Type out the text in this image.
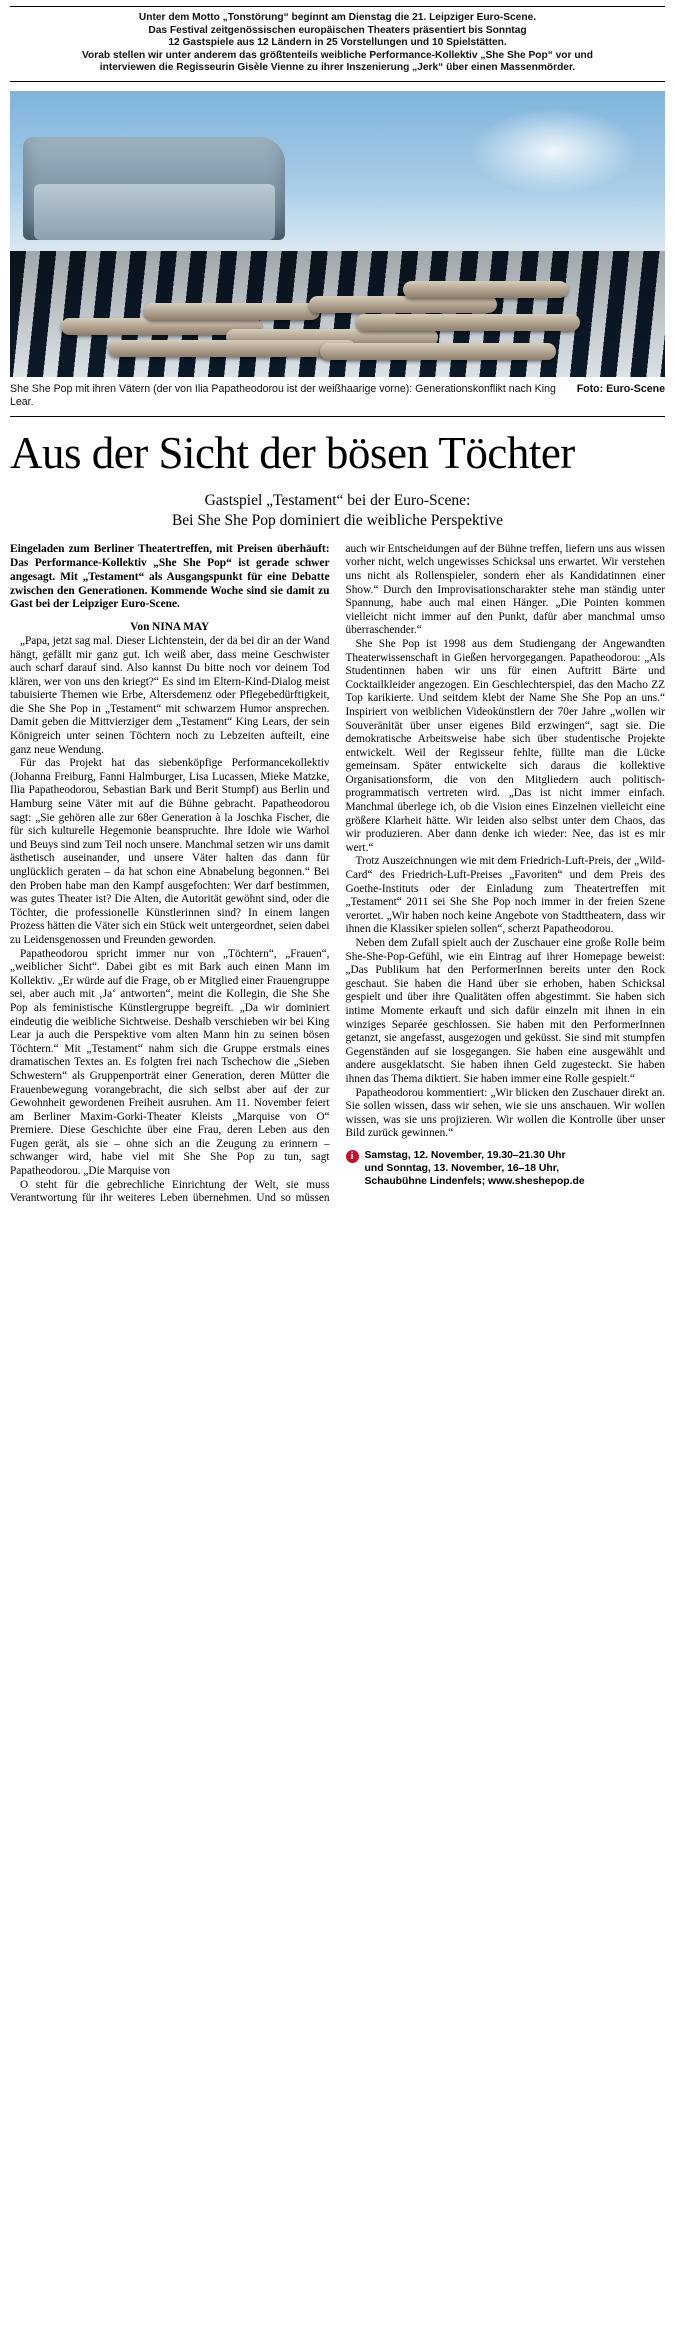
Unter dem Motto „Tonstörung“ beginnt am Dienstag die 21. Leipziger Euro-Scene.

Das Festival zeitgenössischen europäischen Theaters präsentiert bis Sonntag

12 Gastspiele aus 12 Ländern in 25 Vorstellungen und 10 Spielstätten.

Vorab stellen wir unter anderem das größtenteils weibliche Performance-Kollektiv „She She Pop“ vor und

interviewen die Regisseurin Gisèle Vienne zu ihrer Inszenierung „Jerk“ über einen Massenmörder.

Foto: Euro-Scene
She She Pop mit ihren Vätern (der von Ilia Papatheodorou ist der weißhaarige vorne): Generationskonflikt nach King Lear.
Aus der Sicht der bösen Töchter
Gastspiel „Testament“ bei der Euro-Scene:
Bei She She Pop dominiert die weibliche Perspektive

Eingeladen zum Berliner Theatertreffen, mit Preisen überhäuft: Das Performance-Kollektiv „She She Pop“ ist gerade schwer angesagt. Mit „Testament“ als Ausgangspunkt für eine Debatte zwischen den Generationen. Kommende Woche sind sie damit zu Gast bei der Leipziger Euro-Scene.

Von NINA MAY

„Papa, jetzt sag mal. Dieser Lichtenstein, der da bei dir an der Wand hängt, gefällt mir ganz gut. Ich weiß aber, dass meine Geschwister auch scharf darauf sind. Also kannst Du bitte noch vor deinem Tod klären, wer von uns den kriegt?“ Es sind im Eltern-Kind-Dialog meist tabuisierte Themen wie Erbe, Altersdemenz oder Pflegebedürftigkeit, die She She Pop in „Testament“ mit schwarzem Humor ansprechen. Damit geben die Mittvierziger dem „Testament“ King Lears, der sein Königreich unter seinen Töchtern noch zu Lebzeiten aufteilt, eine ganz neue Wendung.

Für das Projekt hat das siebenköpfige Performancekollektiv (Johanna Freiburg, Fanni Halmburger, Lisa Lucassen, Mieke Matzke, Ilia Papatheodorou, Sebastian Bark und Berit Stumpf) aus Berlin und Hamburg seine Väter mit auf die Bühne gebracht. Papatheodorou sagt: „Sie gehören alle zur 68er Generation à la Joschka Fischer, die für sich kulturelle Hegemonie beanspruchte. Ihre Idole wie Warhol und Beuys sind zum Teil noch unsere. Manchmal setzen wir uns damit ästhetisch auseinander, und unsere Väter halten das dann für unglücklich geraten – da hat schon eine Abnabelung begonnen.“ Bei den Proben habe man den Kampf ausgefochten: Wer darf bestimmen, was gutes Theater ist? Die Alten, die Autorität gewöhnt sind, oder die Töchter, die professionelle Künstlerinnen sind? In einem langen Prozess hätten die Väter sich ein Stück weit untergeordnet, seien dabei zu Leidensgenossen und Freunden geworden.

Papatheodorou spricht immer nur von „Töchtern“, „Frauen“, „weiblicher Sicht“. Dabei gibt es mit Bark auch einen Mann im Kollektiv. „Er würde auf die Frage, ob er Mitglied einer Frauengruppe sei, aber auch mit ‚Ja‘ antworten“, meint die Kollegin, die She She Pop als feministische Künstlergruppe begreift. „Da wir dominiert eindeutig die weibliche Sichtweise. Deshalb verschieben wir bei King Lear ja auch die Perspektive vom alten Mann hin zu seinen bösen Töchtern.“ Mit „Testament“ nahm sich die Gruppe erstmals eines dramatischen Textes an. Es folgten frei nach Tschechow die „Sieben Schwestern“ als Gruppenporträt einer Generation, deren Mütter die Frauenbewegung vorangebracht, die sich selbst aber auf der zur Gewohnheit gewordenen Freiheit ausruhen. Am 11. November feiert am Berliner Maxim-Gorki-Theater Kleists „Marquise von O“ Premiere. Diese Geschichte über eine Frau, deren Leben aus den Fugen gerät, als sie – ohne sich an die Zeugung zu erinnern – schwanger wird, habe viel mit She She Pop zu tun, sagt Papatheodorou. „Die Marquise von

O steht für die gebrechliche Einrichtung der Welt, sie muss Verantwortung für ihr weiteres Leben übernehmen. Und so müssen auch wir Entscheidungen auf der Bühne treffen, liefern uns aus wissen vorher nicht, welch ungewisses Schicksal uns erwartet. Wir verstehen uns nicht als Rollenspieler, sondern eher als Kandidatinnen einer Show.“ Durch den Improvisationscharakter stehe man ständig unter Spannung, habe auch mal einen Hänger. „Die Pointen kommen vielleicht nicht immer auf den Punkt, dafür aber manchmal umso überraschender.“

She She Pop ist 1998 aus dem Studiengang der Angewandten Theaterwissenschaft in Gießen hervorgegangen. Papatheodorou: „Als Studentinnen haben wir uns für einen Auftritt Bärte und Cocktailkleider angezogen. Ein Geschlechterspiel, das den Macho ZZ Top karikierte. Und seitdem klebt der Name She She Pop an uns.“ Inspiriert von weiblichen Videokünstlern der 70er Jahre „wollen wir Souveränität über unser eigenes Bild erzwingen“, sagt sie. Die demokratische Arbeitsweise habe sich über studentische Projekte entwickelt. Weil der Regisseur fehlte, füllte man die Lücke gemeinsam. Später entwickelte sich daraus die kollektive Organisationsform, die von den Mitgliedern auch politisch-programmatisch vertreten wird. „Das ist nicht immer einfach. Manchmal überlege ich, ob die Vision eines Einzelnen vielleicht eine größere Klarheit hätte. Wir leiden also selbst unter dem Chaos, das wir produzieren. Aber dann denke ich wieder: Nee, das ist es mir wert.“

Trotz Auszeichnungen wie mit dem Friedrich-Luft-Preis, der „Wild-Card“ des Friedrich-Luft-Preises „Favoriten“ und dem Preis des Goethe-Instituts oder der Einladung zum Theatertreffen mit „Testament“ 2011 sei She She Pop noch immer in der freien Szene verortet. „Wir haben noch keine Angebote von Stadttheatern, dass wir ihnen die Klassiker spielen sollen“, scherzt Papatheodorou.

Neben dem Zufall spielt auch der Zuschauer eine große Rolle beim She-She-Pop-Gefühl, wie ein Eintrag auf ihrer Homepage beweist: „Das Publikum hat den PerformerInnen bereits unter den Rock geschaut. Sie haben die Hand über sie erhoben, haben Schicksal gespielt und über ihre Qualitäten offen abgestimmt. Sie haben sich intime Momente erkauft und sich dafür einzeln mit ihnen in ein winziges Separée geschlossen. Sie haben mit den PerformerInnen getanzt, sie angefasst, ausgezogen und geküsst. Sie sind mit stumpfen Gegenständen auf sie losgegangen. Sie haben eine ausgewählt und andere ausgeklatscht. Sie haben ihnen Geld zugesteckt. Sie haben ihnen das Thema diktiert. Sie haben immer eine Rolle gespielt.“

Papatheodorou kommentiert: „Wir blicken den Zuschauer direkt an. Sie sollen wissen, dass wir sehen, wie sie uns anschauen. Wir wollen wissen, was sie uns projizieren. Wir wollen die Kontrolle über unser Bild zurück gewinnen.“

i	Samstag, 12. November, 19.30–21.30 Uhr
und Sonntag, 13. November, 16–18 Uhr,
Schaubühne Lindenfels; www.sheshepop.de
